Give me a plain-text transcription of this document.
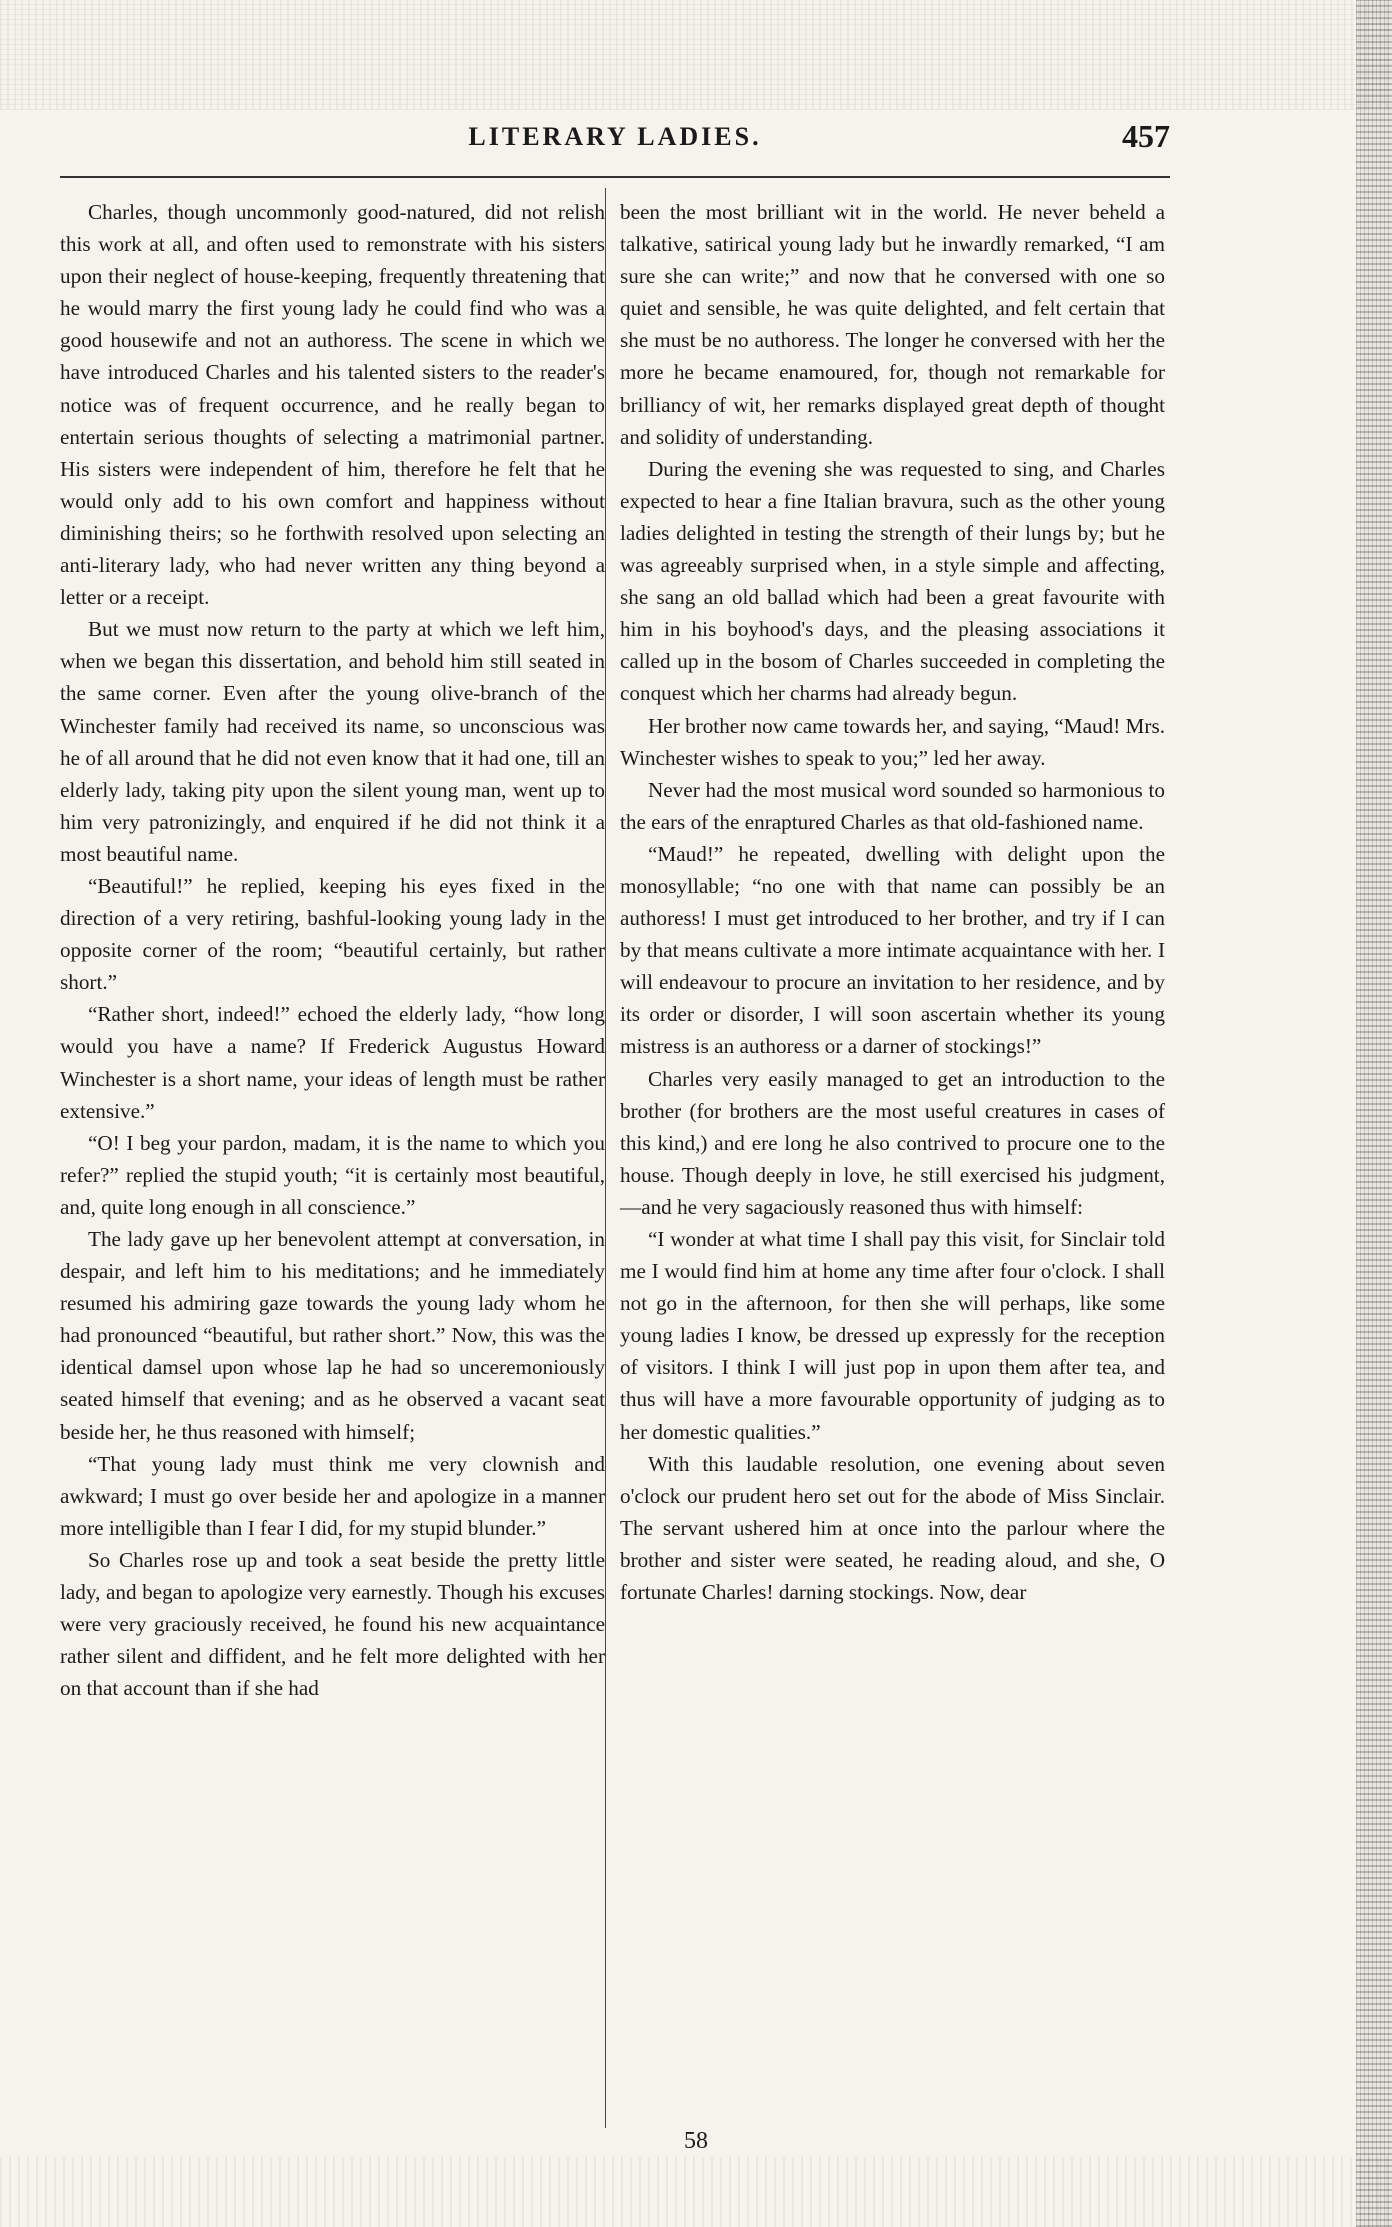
LITERARY LADIES.	457

Charles, though uncommonly good-natured, did not relish this work at all, and often used to remonstrate with his sisters upon their neglect of house-keeping, frequently threatening that he would marry the first young lady he could find who was a good housewife and not an authoress. The scene in which we have introduced Charles and his talented sisters to the reader's notice was of frequent occurrence, and he really began to entertain serious thoughts of selecting a matrimonial partner. His sisters were independent of him, therefore he felt that he would only add to his own comfort and happiness without diminishing theirs; so he forthwith resolved upon selecting an anti-literary lady, who had never written any thing beyond a letter or a receipt.

But we must now return to the party at which we left him, when we began this dissertation, and behold him still seated in the same corner. Even after the young olive-branch of the Winchester family had received its name, so unconscious was he of all around that he did not even know that it had one, till an elderly lady, taking pity upon the silent young man, went up to him very patronizingly, and enquired if he did not think it a most beautiful name.

“Beautiful!” he replied, keeping his eyes fixed in the direction of a very retiring, bashful-looking young lady in the opposite corner of the room; “beautiful certainly, but rather short.”

“Rather short, indeed!” echoed the elderly lady, “how long would you have a name? If Frederick Augustus Howard Winchester is a short name, your ideas of length must be rather extensive.”

“O! I beg your pardon, madam, it is the name to which you refer?” replied the stupid youth; “it is certainly most beautiful, and, quite long enough in all conscience.”

The lady gave up her benevolent attempt at conversation, in despair, and left him to his meditations; and he immediately resumed his admiring gaze towards the young lady whom he had pronounced “beautiful, but rather short.” Now, this was the identical damsel upon whose lap he had so unceremoniously seated himself that evening; and as he observed a vacant seat beside her, he thus reasoned with himself;

“That young lady must think me very clownish and awkward; I must go over beside her and apologize in a manner more intelligible than I fear I did, for my stupid blunder.”

So Charles rose up and took a seat beside the pretty little lady, and began to apologize very earnestly. Though his excuses were very graciously received, he found his new acquaintance rather silent and diffident, and he felt more delighted with her on that account than if she had

been the most brilliant wit in the world. He never beheld a talkative, satirical young lady but he inwardly remarked, “I am sure she can write;” and now that he conversed with one so quiet and sensible, he was quite delighted, and felt certain that she must be no authoress. The longer he conversed with her the more he became enamoured, for, though not remarkable for brilliancy of wit, her remarks displayed great depth of thought and solidity of understanding.

During the evening she was requested to sing, and Charles expected to hear a fine Italian bravura, such as the other young ladies delighted in testing the strength of their lungs by; but he was agreeably surprised when, in a style simple and affecting, she sang an old ballad which had been a great favourite with him in his boyhood's days, and the pleasing associations it called up in the bosom of Charles succeeded in completing the conquest which her charms had already begun.

Her brother now came towards her, and saying, “Maud! Mrs. Winchester wishes to speak to you;” led her away.

Never had the most musical word sounded so harmonious to the ears of the enraptured Charles as that old-fashioned name.

“Maud!” he repeated, dwelling with delight upon the monosyllable; “no one with that name can possibly be an authoress! I must get introduced to her brother, and try if I can by that means cultivate a more intimate acquaintance with her. I will endeavour to procure an invitation to her residence, and by its order or disorder, I will soon ascertain whether its young mistress is an authoress or a darner of stockings!”

Charles very easily managed to get an introduction to the brother (for brothers are the most useful creatures in cases of this kind,) and ere long he also contrived to procure one to the house. Though deeply in love, he still exercised his judgment,—and he very sagaciously reasoned thus with himself:

“I wonder at what time I shall pay this visit, for Sinclair told me I would find him at home any time after four o'clock. I shall not go in the afternoon, for then she will perhaps, like some young ladies I know, be dressed up expressly for the reception of visitors. I think I will just pop in upon them after tea, and thus will have a more favourable opportunity of judging as to her domestic qualities.”

With this laudable resolution, one evening about seven o'clock our prudent hero set out for the abode of Miss Sinclair. The servant ushered him at once into the parlour where the brother and sister were seated, he reading aloud, and she, O fortunate Charles! darning stockings. Now, dear

58
